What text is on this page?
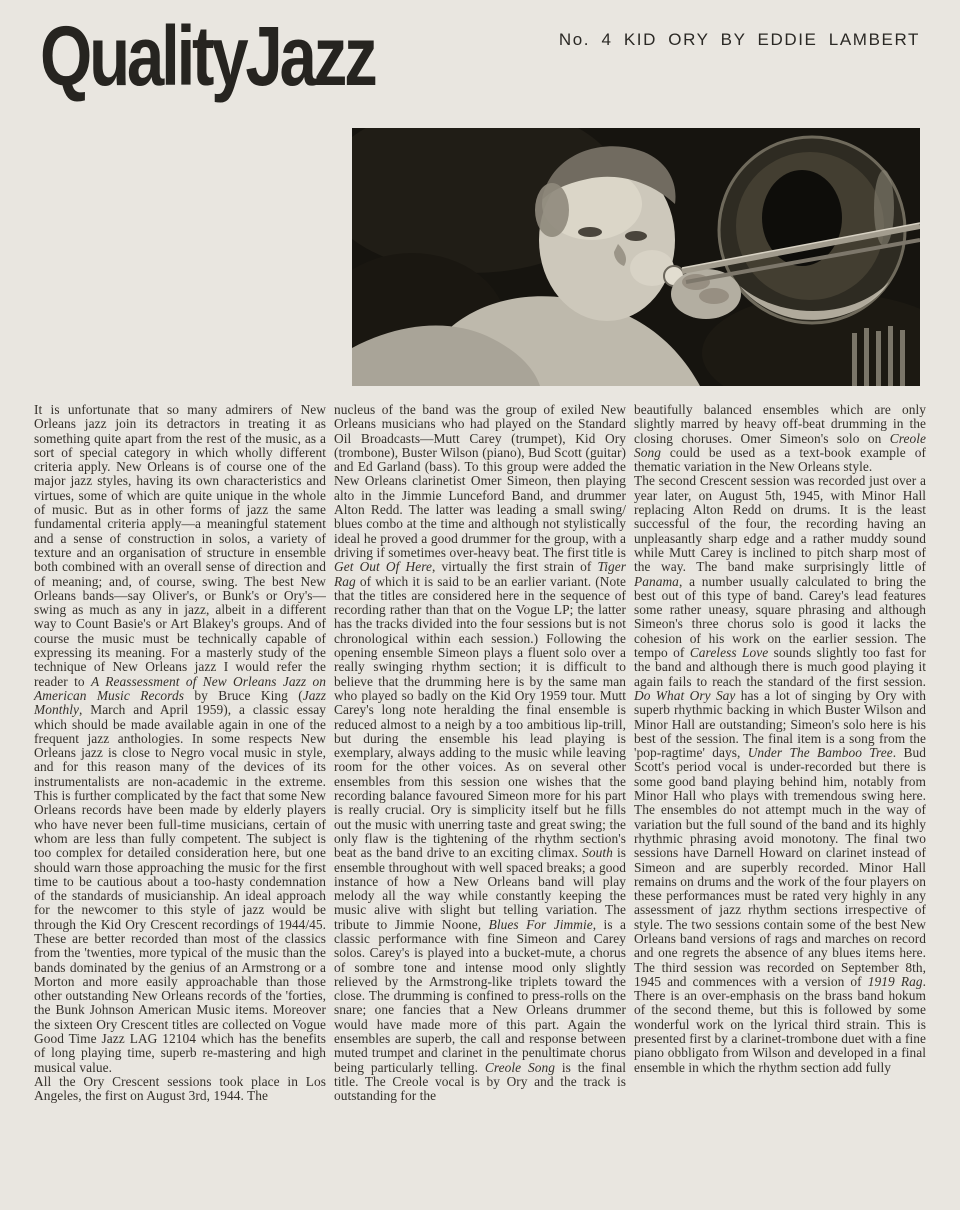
QualityJazz	No. 4 KID ORY BY EDDIE LAMBERT

It is unfortunate that so many admirers of New Orleans jazz join its detractors in treating it as something quite apart from the rest of the music, as a sort of special category in which wholly different criteria apply. New Orleans is of course one of the major jazz styles, having its own characteristics and virtues, some of which are quite unique in the whole of music. But as in other forms of jazz the same fundamental criteria apply—a meaningful statement and a sense of construction in solos, a variety of texture and an organisation of structure in ensemble both combined with an overall sense of direction and of meaning; and, of course, swing. The best New Orleans bands—say Oliver's, or Bunk's or Ory's—swing as much as any in jazz, albeit in a different way to Count Basie's or Art Blakey's groups. And of course the music must be technically capable of expressing its meaning. For a masterly study of the technique of New Orleans jazz I would refer the reader to A Reassessment of New Orleans Jazz on American Music Records by Bruce King (Jazz Monthly, March and April 1959), a classic essay which should be made available again in one of the frequent jazz anthologies. In some respects New Orleans jazz is close to Negro vocal music in style, and for this reason many of the devices of its instrumentalists are non-academic in the extreme. This is further complicated by the fact that some New Orleans records have been made by elderly players who have never been full-time musicians, certain of whom are less than fully competent. The subject is too complex for detailed consideration here, but one should warn those approaching the music for the first time to be cautious about a too-hasty condemnation of the standards of musicianship. An ideal approach for the newcomer to this style of jazz would be through the Kid Ory Crescent recordings of 1944/45. These are better recorded than most of the classics from the 'twenties, more typical of the music than the bands dominated by the genius of an Armstrong or a Morton and more easily approachable than those other outstanding New Orleans records of the 'forties, the Bunk Johnson American Music items. Moreover the sixteen Ory Crescent titles are collected on Vogue Good Time Jazz LAG 12104 which has the benefits of long playing time, superb re-mastering and high musical value.

All the Ory Crescent sessions took place in Los Angeles, the first on August 3rd, 1944. The

nucleus of the band was the group of exiled New Orleans musicians who had played on the Standard Oil Broadcasts—Mutt Carey (trumpet), Kid Ory (trombone), Buster Wilson (piano), Bud Scott (guitar) and Ed Garland (bass). To this group were added the New Orleans clarinetist Omer Simeon, then playing alto in the Jimmie Lunceford Band, and drummer Alton Redd. The latter was leading a small swing/ blues combo at the time and although not stylistically ideal he proved a good drummer for the group, with a driving if sometimes over-heavy beat. The first title is Get Out Of Here, virtually the first strain of Tiger Rag of which it is said to be an earlier variant. (Note that the titles are considered here in the sequence of recording rather than that on the Vogue LP; the latter has the tracks divided into the four sessions but is not chronological within each session.) Following the opening ensemble Simeon plays a fluent solo over a really swinging rhythm section; it is difficult to believe that the drumming here is by the same man who played so badly on the Kid Ory 1959 tour. Mutt Carey's long note heralding the final ensemble is reduced almost to a neigh by a too ambitious lip-trill, but during the ensemble his lead playing is exemplary, always adding to the music while leaving room for the other voices. As on several other ensembles from this session one wishes that the recording balance favoured Simeon more for his part is really crucial. Ory is simplicity itself but he fills out the music with unerring taste and great swing; the only flaw is the tightening of the rhythm section's beat as the band drive to an exciting climax. South is ensemble throughout with well spaced breaks; a good instance of how a New Orleans band will play melody all the way while constantly keeping the music alive with slight but telling variation. The tribute to Jimmie Noone, Blues For Jimmie, is a classic performance with fine Simeon and Carey solos. Carey's is played into a bucket-mute, a chorus of sombre tone and intense mood only slightly relieved by the Armstrong-like triplets toward the close. The drumming is confined to press-rolls on the snare; one fancies that a New Orleans drummer would have made more of this part. Again the ensembles are superb, the call and response between muted trumpet and clarinet in the penultimate chorus being particularly telling. Creole Song is the final title. The Creole vocal is by Ory and the track is outstanding for the

beautifully balanced ensembles which are only slightly marred by heavy off-beat drumming in the closing choruses. Omer Simeon's solo on Creole Song could be used as a text-book example of thematic variation in the New Orleans style.

The second Crescent session was recorded just over a year later, on August 5th, 1945, with Minor Hall replacing Alton Redd on drums. It is the least successful of the four, the recording having an unpleasantly sharp edge and a rather muddy sound while Mutt Carey is inclined to pitch sharp most of the way. The band make surprisingly little of Panama, a number usually calculated to bring the best out of this type of band. Carey's lead features some rather uneasy, square phrasing and although Simeon's three chorus solo is good it lacks the cohesion of his work on the earlier session. The tempo of Careless Love sounds slightly too fast for the band and although there is much good playing it again fails to reach the standard of the first session. Do What Ory Say has a lot of singing by Ory with superb rhythmic backing in which Buster Wilson and Minor Hall are outstanding; Simeon's solo here is his best of the session. The final item is a song from the 'pop-ragtime' days, Under The Bamboo Tree. Bud Scott's period vocal is under-recorded but there is some good band playing behind him, notably from Minor Hall who plays with tremendous swing here. The ensembles do not attempt much in the way of variation but the full sound of the band and its highly rhythmic phrasing avoid monotony. The final two sessions have Darnell Howard on clarinet instead of Simeon and are superbly recorded. Minor Hall remains on drums and the work of the four players on these performances must be rated very highly in any assessment of jazz rhythm sections irrespective of style. The two sessions contain some of the best New Orleans band versions of rags and marches on record and one regrets the absence of any blues items here. The third session was recorded on September 8th, 1945 and commences with a version of 1919 Rag. There is an over-emphasis on the brass band hokum of the second theme, but this is followed by some wonderful work on the lyrical third strain. This is presented first by a clarinet-trombone duet with a fine piano obbligato from Wilson and developed in a final ensemble in which the rhythm section add fully
